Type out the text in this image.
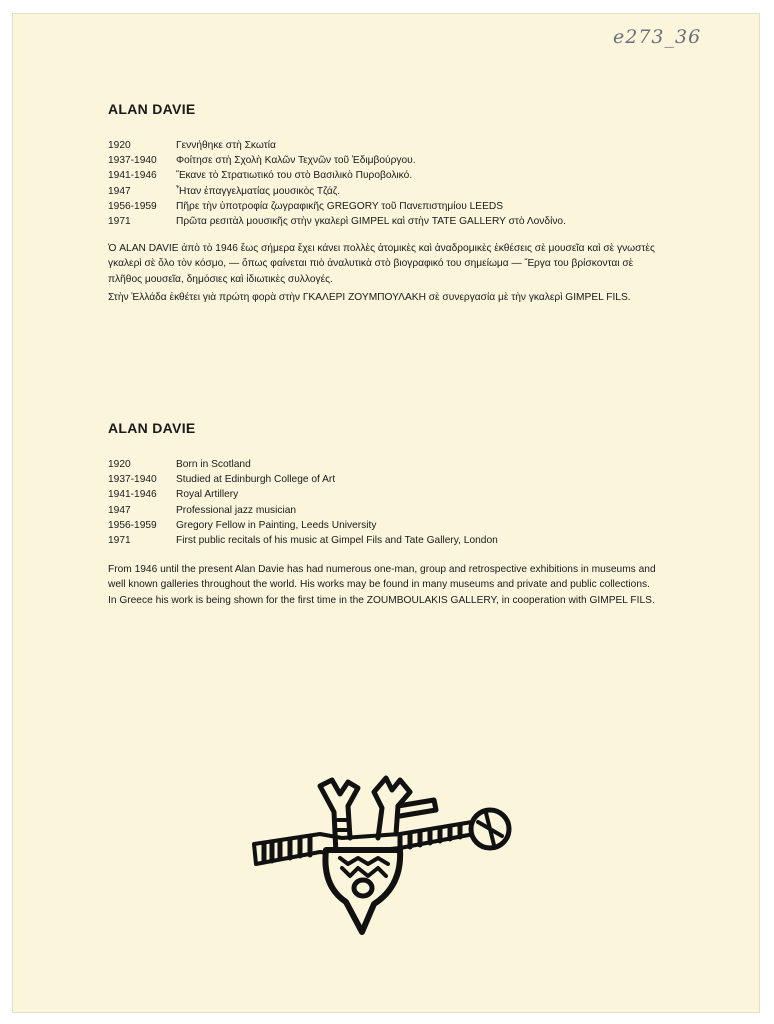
e273_36
ALAN DAVIE
1920	Γεννήθηκε στὴ Σκωτία
1937-1940	Φοίτησε στὴ Σχολὴ Καλῶν Τεχνῶν τοῦ Ἐδιμβούργου.
1941-1946	Ἔκανε τὸ Στρατιωτικό του στὸ Βασιλικὸ Πυροβολικό.
1947	Ἦταν ἐπαγγελματίας μουσικὸς Τζάζ.
1956-1959	Πῆρε τὴν ὑποτροφία ζωγραφικῆς GREGORY τοῦ Πανεπιστημίου LEEDS
1971	Πρῶτα ρεσιτὰλ μουσικῆς στὴν γκαλερὶ GIMPEL καὶ στὴν TATE GALLERY στὸ Λονδίνο.

Ὁ ALAN DAVIE ἀπὸ τὸ 1946 ἕως σήμερα ἔχει κάνει πολλὲς ἀτομικὲς καὶ ἀναδρομικὲς ἐκθέσεις σὲ μουσεῖα καὶ σὲ γνωστὲς γκαλερὶ σὲ ὅλο τὸν κόσμο, — ὅπως φαίνεται πιὸ ἀναλυτικὰ στὸ βιογραφικό του σημείωμα — Ἔργα του βρίσκονται σὲ πλῆθος μουσεῖα, δημόσιες καὶ ἰδιωτικὲς συλλογές.

Στὴν Ἑλλάδα ἐκθέτει γιὰ πρώτη φορὰ στὴν ΓΚΑΛΕΡΙ ΖΟΥΜΠΟΥΛΑΚΗ σὲ συνεργασία μὲ τὴν γκαλερὶ GIMPEL FILS.

ALAN DAVIE
1920	Born in Scotland
1937-1940	Studied at Edinburgh College of Art
1941-1946	Royal Artillery
1947	Professional jazz musician
1956-1959	Gregory Fellow in Painting, Leeds University
1971	First public recitals of his music at Gimpel Fils and Tate Gallery, London

From 1946 until the present Alan Davie has had numerous one-man, group and retrospective exhibitions in museums and well known galleries throughout the world. His works may be found in many museums and private and public collections. In Greece his work is being shown for the first time in the ZOUMBOULAKIS GALLERY, in cooperation with GIMPEL FILS.
